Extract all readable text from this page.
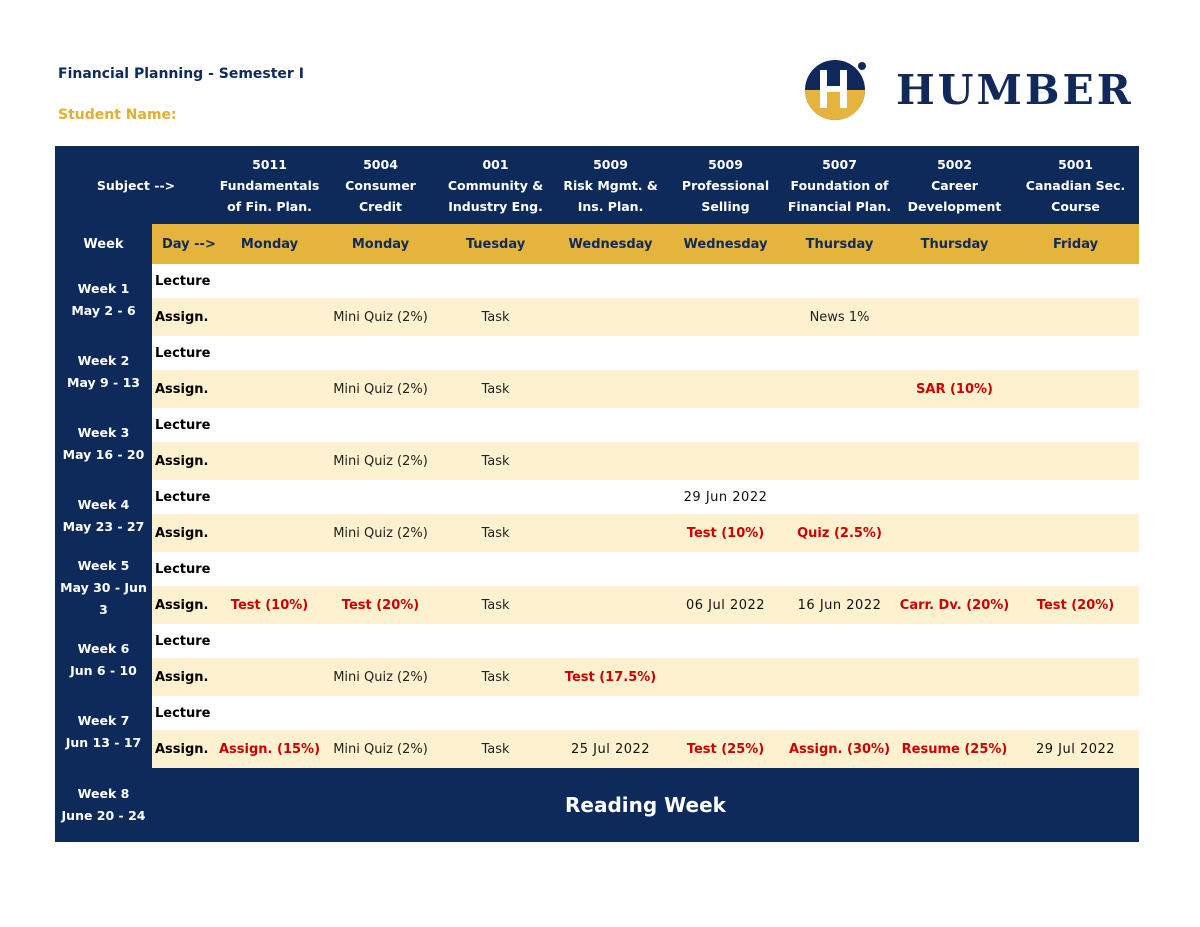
Financial Planning - Semester I
Student Name:
HUMBER
Subject -->		5011
Fundamentals
of Fin. Plan.	5004
Consumer
Credit	001
Community &
Industry Eng.	5009
Risk Mgmt. &
Ins. Plan.	5009
Professional
Selling	5007
Foundation of
Financial Plan.	5002
Career
Development	5001
Canadian Sec.
Course
Week	Day -->	Monday	Monday	Tuesday	Wednesday	Wednesday	Thursday	Thursday	Friday
Week 1
May 2 - 6	Lecture								
	Assign.		Mini Quiz (2%)	Task			News 1%		
Week 2
May 9 - 13	Lecture								
	Assign.		Mini Quiz (2%)	Task				SAR (10%)	
Week 3
May 16 - 20	Lecture								
	Assign.		Mini Quiz (2%)	Task					
Week 4
May 23 - 27	Lecture					29 Jun 2022			
	Assign.		Mini Quiz (2%)	Task		Test (10%)	Quiz (2.5%)		
Week 5
May 30 - Jun 3	Lecture								
	Assign.	Test (10%)	Test (20%)	Task		06 Jul 2022	16 Jun 2022	Carr. Dv. (20%)	Test (20%)
Week 6
Jun 6 - 10	Lecture								
	Assign.		Mini Quiz (2%)	Task	Test (17.5%)				
Week 7
Jun 13 - 17	Lecture								
	Assign.	Assign. (15%)	Mini Quiz (2%)	Task	25 Jul 2022	Test (25%)	Assign. (30%)	Resume (25%)	29 Jul 2022
Week 8
June 20 - 24	Reading Week								
